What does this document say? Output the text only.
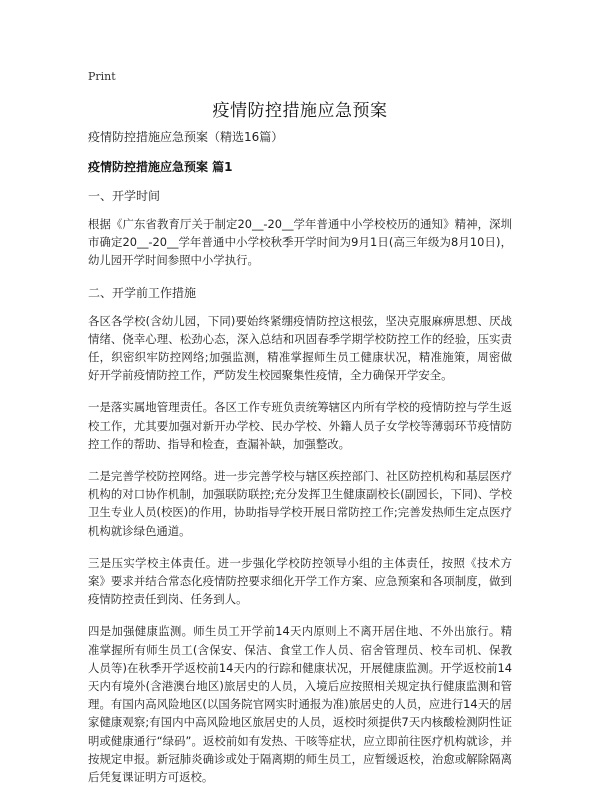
Print
疫情防控措施应急预案

疫情防控措施应急预案（精选16篇）

疫情防控措施应急预案 篇1

一、开学时间

根据《广东省教育厅关于制定20__-20__学年普通中小学校校历的通知》精神，深圳市确定20__-20__学年普通中小学校秋季开学时间为9月1日(高三年级为8月10日)，幼儿园开学时间参照中小学执行。

二、开学前工作措施

各区各学校(含幼儿园，下同)要始终紧绷疫情防控这根弦，坚决克服麻痹思想、厌战情绪、侥幸心理、松劲心态，深入总结和巩固春季学期学校防控工作的经验，压实责任，织密织牢防控网络;加强监测，精准掌握师生员工健康状况，精准施策，周密做好开学前疫情防控工作，严防发生校园聚集性疫情，全力确保开学安全。

一是落实属地管理责任。各区工作专班负责统筹辖区内所有学校的疫情防控与学生返校工作，尤其要加强对新开办学校、民办学校、外籍人员子女学校等薄弱环节疫情防控工作的帮助、指导和检查，查漏补缺，加强整改。

二是完善学校防控网络。进一步完善学校与辖区疾控部门、社区防控机构和基层医疗机构的对口协作机制，加强联防联控;充分发挥卫生健康副校长(副园长，下同)、学校卫生专业人员(校医)的作用，协助指导学校开展日常防控工作;完善发热师生定点医疗机构就诊绿色通道。

三是压实学校主体责任。进一步强化学校防控领导小组的主体责任，按照《技术方案》要求并结合常态化疫情防控要求细化开学工作方案、应急预案和各项制度，做到疫情防控责任到岗、任务到人。

四是加强健康监测。师生员工开学前14天内原则上不离开居住地、不外出旅行。精准掌握所有师生员工(含保安、保洁、食堂工作人员、宿舍管理员、校车司机、保教人员等)在秋季开学返校前14天内的行踪和健康状况，开展健康监测。开学返校前14天内有境外(含港澳台地区)旅居史的人员，入境后应按照相关规定执行健康监测和管理。有国内高风险地区(以国务院官网实时通报为准)旅居史的人员，应进行14天的居家健康观察;有国内中高风险地区旅居史的人员，返校时须提供7天内核酸检测阴性证明或健康通行“绿码”。返校前如有发热、干咳等症状，应立即前往医疗机构就诊，并按规定申报。新冠肺炎确诊或处于隔离期的师生员工，应暂缓返校，治愈或解除隔离后凭复课证明方可返校。
